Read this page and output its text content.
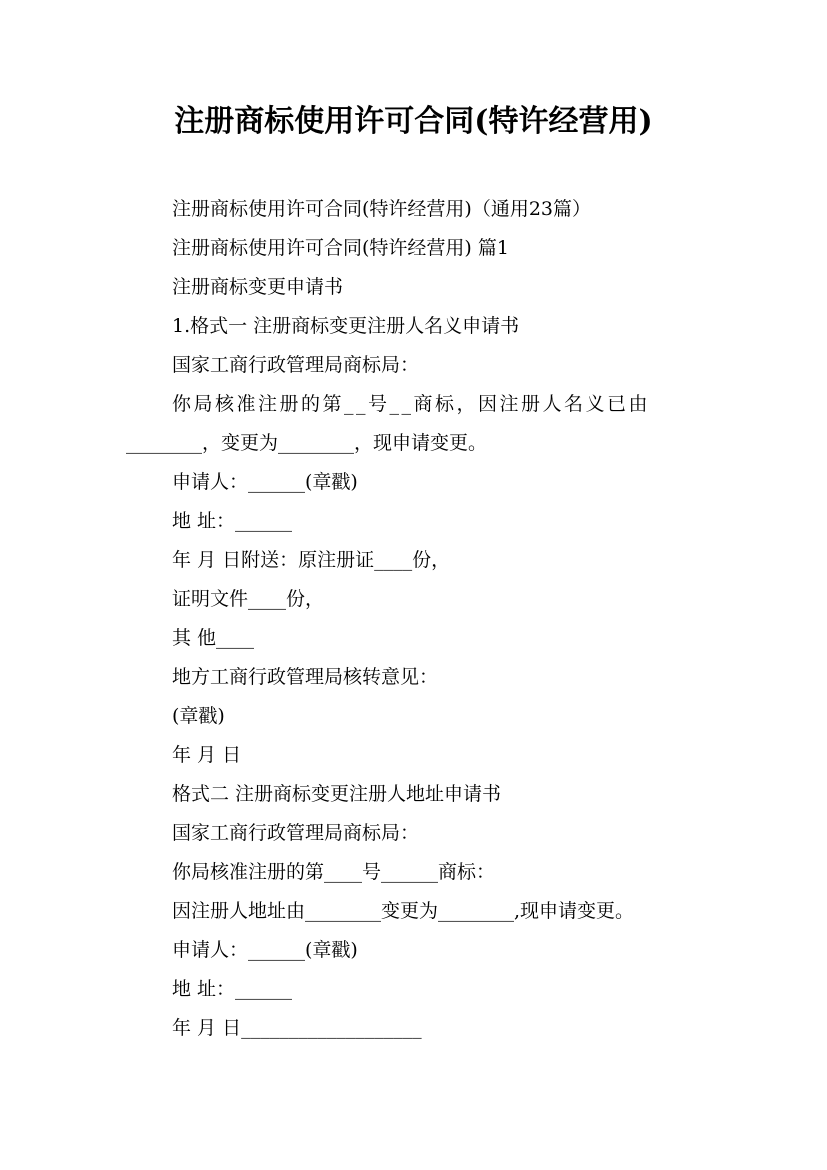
注册商标使用许可合同(特许经营用)
注册商标使用许可合同(特许经营用)（通用23篇）
注册商标使用许可合同(特许经营用) 篇1
注册商标变更申请书
1.格式一 注册商标变更注册人名义申请书
国家工商行政管理局商标局：
你局核准注册的第__号__商标，因注册人名义已由
________，变更为________，现申请变更。
申请人：______(章戳)
地 址：______
年 月 日附送：原注册证____份，
证明文件____份，
其 他____
地方工商行政管理局核转意见：
(章戳)
年 月 日
格式二 注册商标变更注册人地址申请书
国家工商行政管理局商标局：
你局核准注册的第____号______商标：
因注册人地址由________变更为________,现申请变更。
申请人：______(章戳)
地 址：______
年 月 日___________________
